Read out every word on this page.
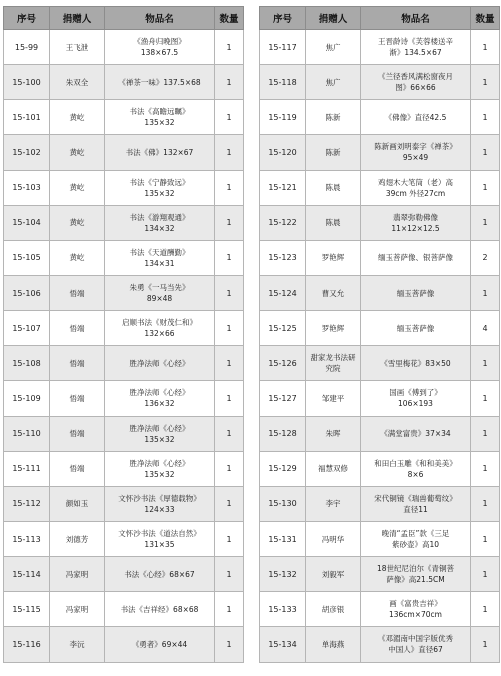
序号	捐赠人	物品名	数量
15-99	王飞泄	《渔舟归晚图》
138×67.5	1
15-100	朱双全	《禅茶一味》137.5×68	1
15-101	黄屹	书法《高瞻远瞩》
135×32	1
15-102	黄屹	书法《佛》132×67	1
15-103	黄屹	书法《宁静致远》
135×32	1
15-104	黄屹	书法《游翔观通》
134×32	1
15-105	黄屹	书法《天道酬勤》
134×31	1
15-106	悟端	朱勇《一马当先》
89×48	1
15-107	悟端	启顺书法《财茂仁和》
132×66	1
15-108	悟端	胜净法师《心经》	1
15-109	悟端	胜净法师《心经》
136×32	1
15-110	悟端	胜净法师《心经》
135×32	1
15-111	悟端	胜净法师《心经》
135×32	1
15-112	颜如玉	文怀沙书法《厚德载物》
124×33	1
15-113	刘德芳	文怀沙书法《道法自然》
131×35	1
15-114	冯家明	书法《心经》68×67	1
15-115	冯家明	书法《吉祥经》68×68	1
15-116	李沅	《勇者》69×44	1
序号	捐赠人	物品名	数量
15-117	焦广	王晋龄诗《芙蓉楼送辛
渐》134.5×67	1
15-118	焦广	《兰径香风满松窗夜月
图》66×66	1
15-119	陈新	《佛像》直径42.5	1
15-120	陈新	陈新画刘明泰字《禅茶》
95×49	1
15-121	陈晨	鸡翅木大笔筒（老）高
39cm 外径27cm	1
15-122	陈晨	翡翠弥勒佛像
11×12×12.5	1
15-123	罗艳辉	缅玉菩萨像、银菩萨像	2
15-124	曹又允	缅玉菩萨像	1
15-125	罗艳辉	缅玉菩萨像	4
15-126	甜家龙书法研究院	《雪里梅花》83×50	1
15-127	邹建平	国画《傅到了》
106×193	1
15-128	朱晖	《满堂富贵》37×34	1
15-129	福慧双修	和田白玉雕《和和美美》
8×6	1
15-130	李宇	宋代铜镜《瑞兽葡萄纹》
直径11	1
15-131	冯明华	晚清“孟臣”款《三足
紫砂壶》高10	1
15-132	刘毅军	18世纪尼泊尔《青铜菩
萨像》高21.5CM	1
15-133	胡彦银	画《富贵吉祥》
136cm×70cm	1
15-134	单海燕	《邓湄南中国字版优秀
中国人》直径67	1
